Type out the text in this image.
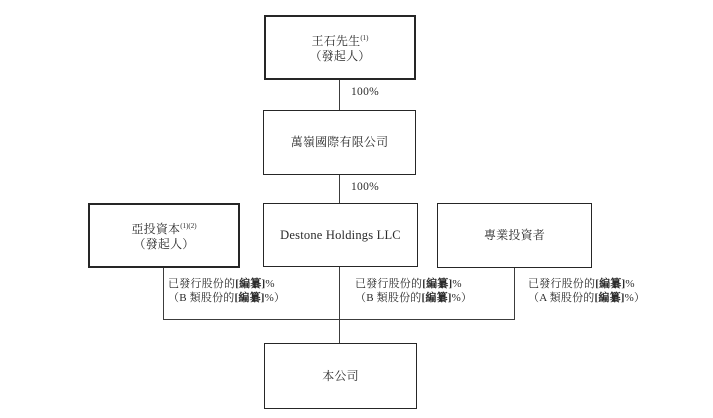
王石先生$^{(1)}$
（發起人）
100%
萬嶺國際有限公司
100%
亞投資本$^{(1)(2)}$
（發起人）
Destone Holdings LLC	專業投資者
已發行股份的[編纂]%
（B 類股份的[編纂]%）
已發行股份的[編纂]%
（B 類股份的[編纂]%）
已發行股份的[編纂]%
（A 類股份的[編纂]%）
本公司
